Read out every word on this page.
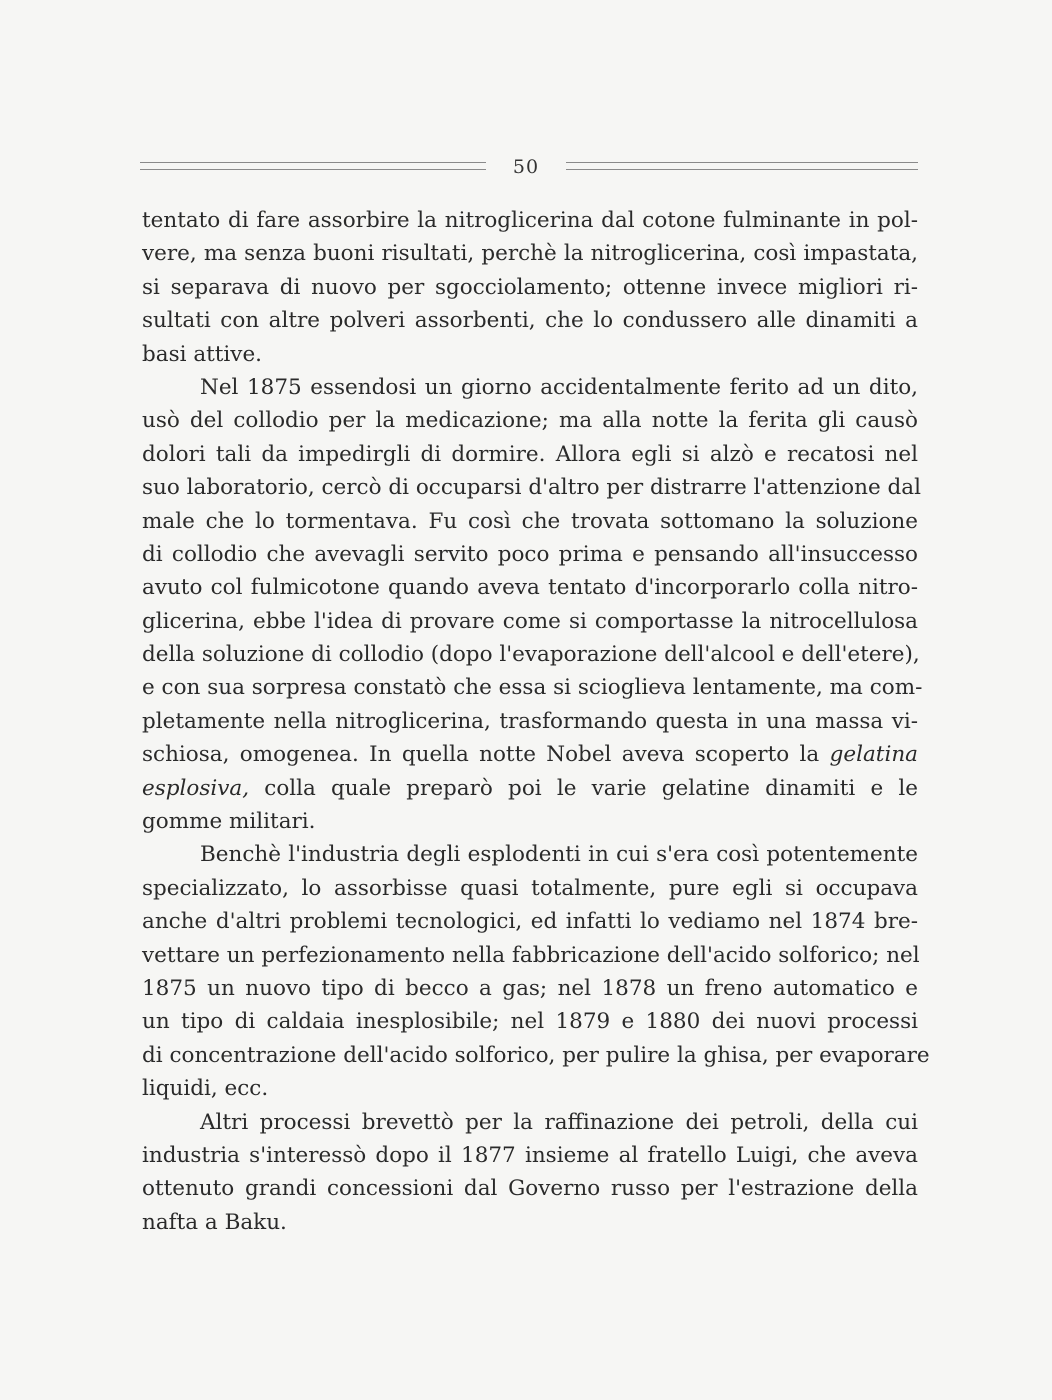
50
tentato di fare assorbire la nitroglicerina dal cotone fulminante in pol-
vere, ma senza buoni risultati, perchè la nitroglicerina, così impastata,
si separava di nuovo per sgocciolamento; ottenne invece migliori ri-
sultati con altre polveri assorbenti, che lo condussero alle dinamiti a
basi attive.
Nel 1875 essendosi un giorno accidentalmente ferito ad un dito,
usò del collodio per la medicazione; ma alla notte la ferita gli causò
dolori tali da impedirgli di dormire. Allora egli si alzò e recatosi nel
suo laboratorio, cercò di occuparsi d'altro per distrarre l'attenzione dal
male che lo tormentava. Fu così che trovata sottomano la soluzione
di collodio che avevagli servito poco prima e pensando all'insuccesso
avuto col fulmicotone quando aveva tentato d'incorporarlo colla nitro-
glicerina, ebbe l'idea di provare come si comportasse la nitrocellulosa
della soluzione di collodio (dopo l'evaporazione dell'alcool e dell'etere),
e con sua sorpresa constatò che essa si scioglieva lentamente, ma com-
pletamente nella nitroglicerina, trasformando questa in una massa vi-
schiosa, omogenea. In quella notte Nobel aveva scoperto la gelatina
esplosiva, colla quale preparò poi le varie gelatine dinamiti e le
gomme militari.
Benchè l'industria degli esplodenti in cui s'era così potentemente
specializzato, lo assorbisse quasi totalmente, pure egli si occupava
anche d'altri problemi tecnologici, ed infatti lo vediamo nel 1874 bre-
vettare un perfezionamento nella fabbricazione dell'acido solforico; nel
1875 un nuovo tipo di becco a gas; nel 1878 un freno automatico e
un tipo di caldaia inesplosibile; nel 1879 e 1880 dei nuovi processi
di concentrazione dell'acido solforico, per pulire la ghisa, per evaporare
liquidi, ecc.
Altri processi brevettò per la raffinazione dei petroli, della cui
industria s'interessò dopo il 1877 insieme al fratello Luigi, che aveva
ottenuto grandi concessioni dal Governo russo per l'estrazione della
nafta a Baku.
